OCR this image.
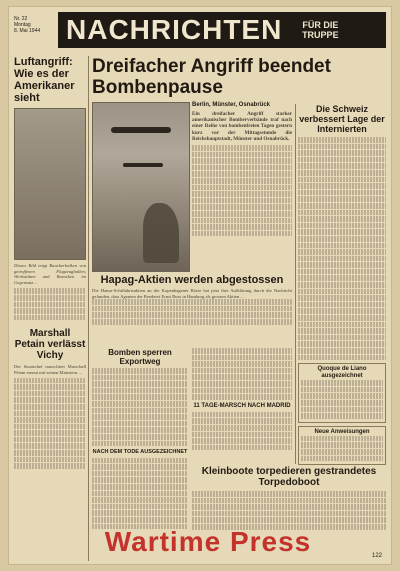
Nr. 22
Montag
8. Mai 1944 NACHRICHTEN	FÜR DIE TRUPPE
Luftangriff: Wie es der Amerikaner sieht
Dieses Bild trägt Raucherbalken von getroffenen Flugzeughallen, Werkstätten und Baracken im Gegensatz ...
Marshall Petain verlässt Vichy
Der Staatschef marschiert Marschall Pétain erneut mit seinen Ministern ...
Dreifacher Angriff beendet Bombenpause
Berlin, Münster, Osnabrück
Ein dreifacher Angriff starker amerikanischer Bomberverbände traf nach einer Reihe von bombenfreien Tagen gestern kurz vor der Mittagsstunde die Reichshauptstadt, Münster und Osnabrück.
Die Schweiz verbessert Lage der Internierten
Quoque de Liano ausgezeichnet
Neue Anweisungen
Hapag-Aktien werden abgestossen
Die Hansa-Schiffahrtsaktien an der Kopenhagener Börse hat jetzt ihre Aufklärung durch die Nachricht gefunden, dass Agenten der Reederei Ernst Russ in Hamburg als grossen Aktien ...
Bomben sperren Exportweg
NACH DEM TODE AUSGEZEICHNET
11 TAGE-MARSCH NACH MADRID
Kleinboote torpedieren gestrandetes Torpedoboot
Wartime Press	122
